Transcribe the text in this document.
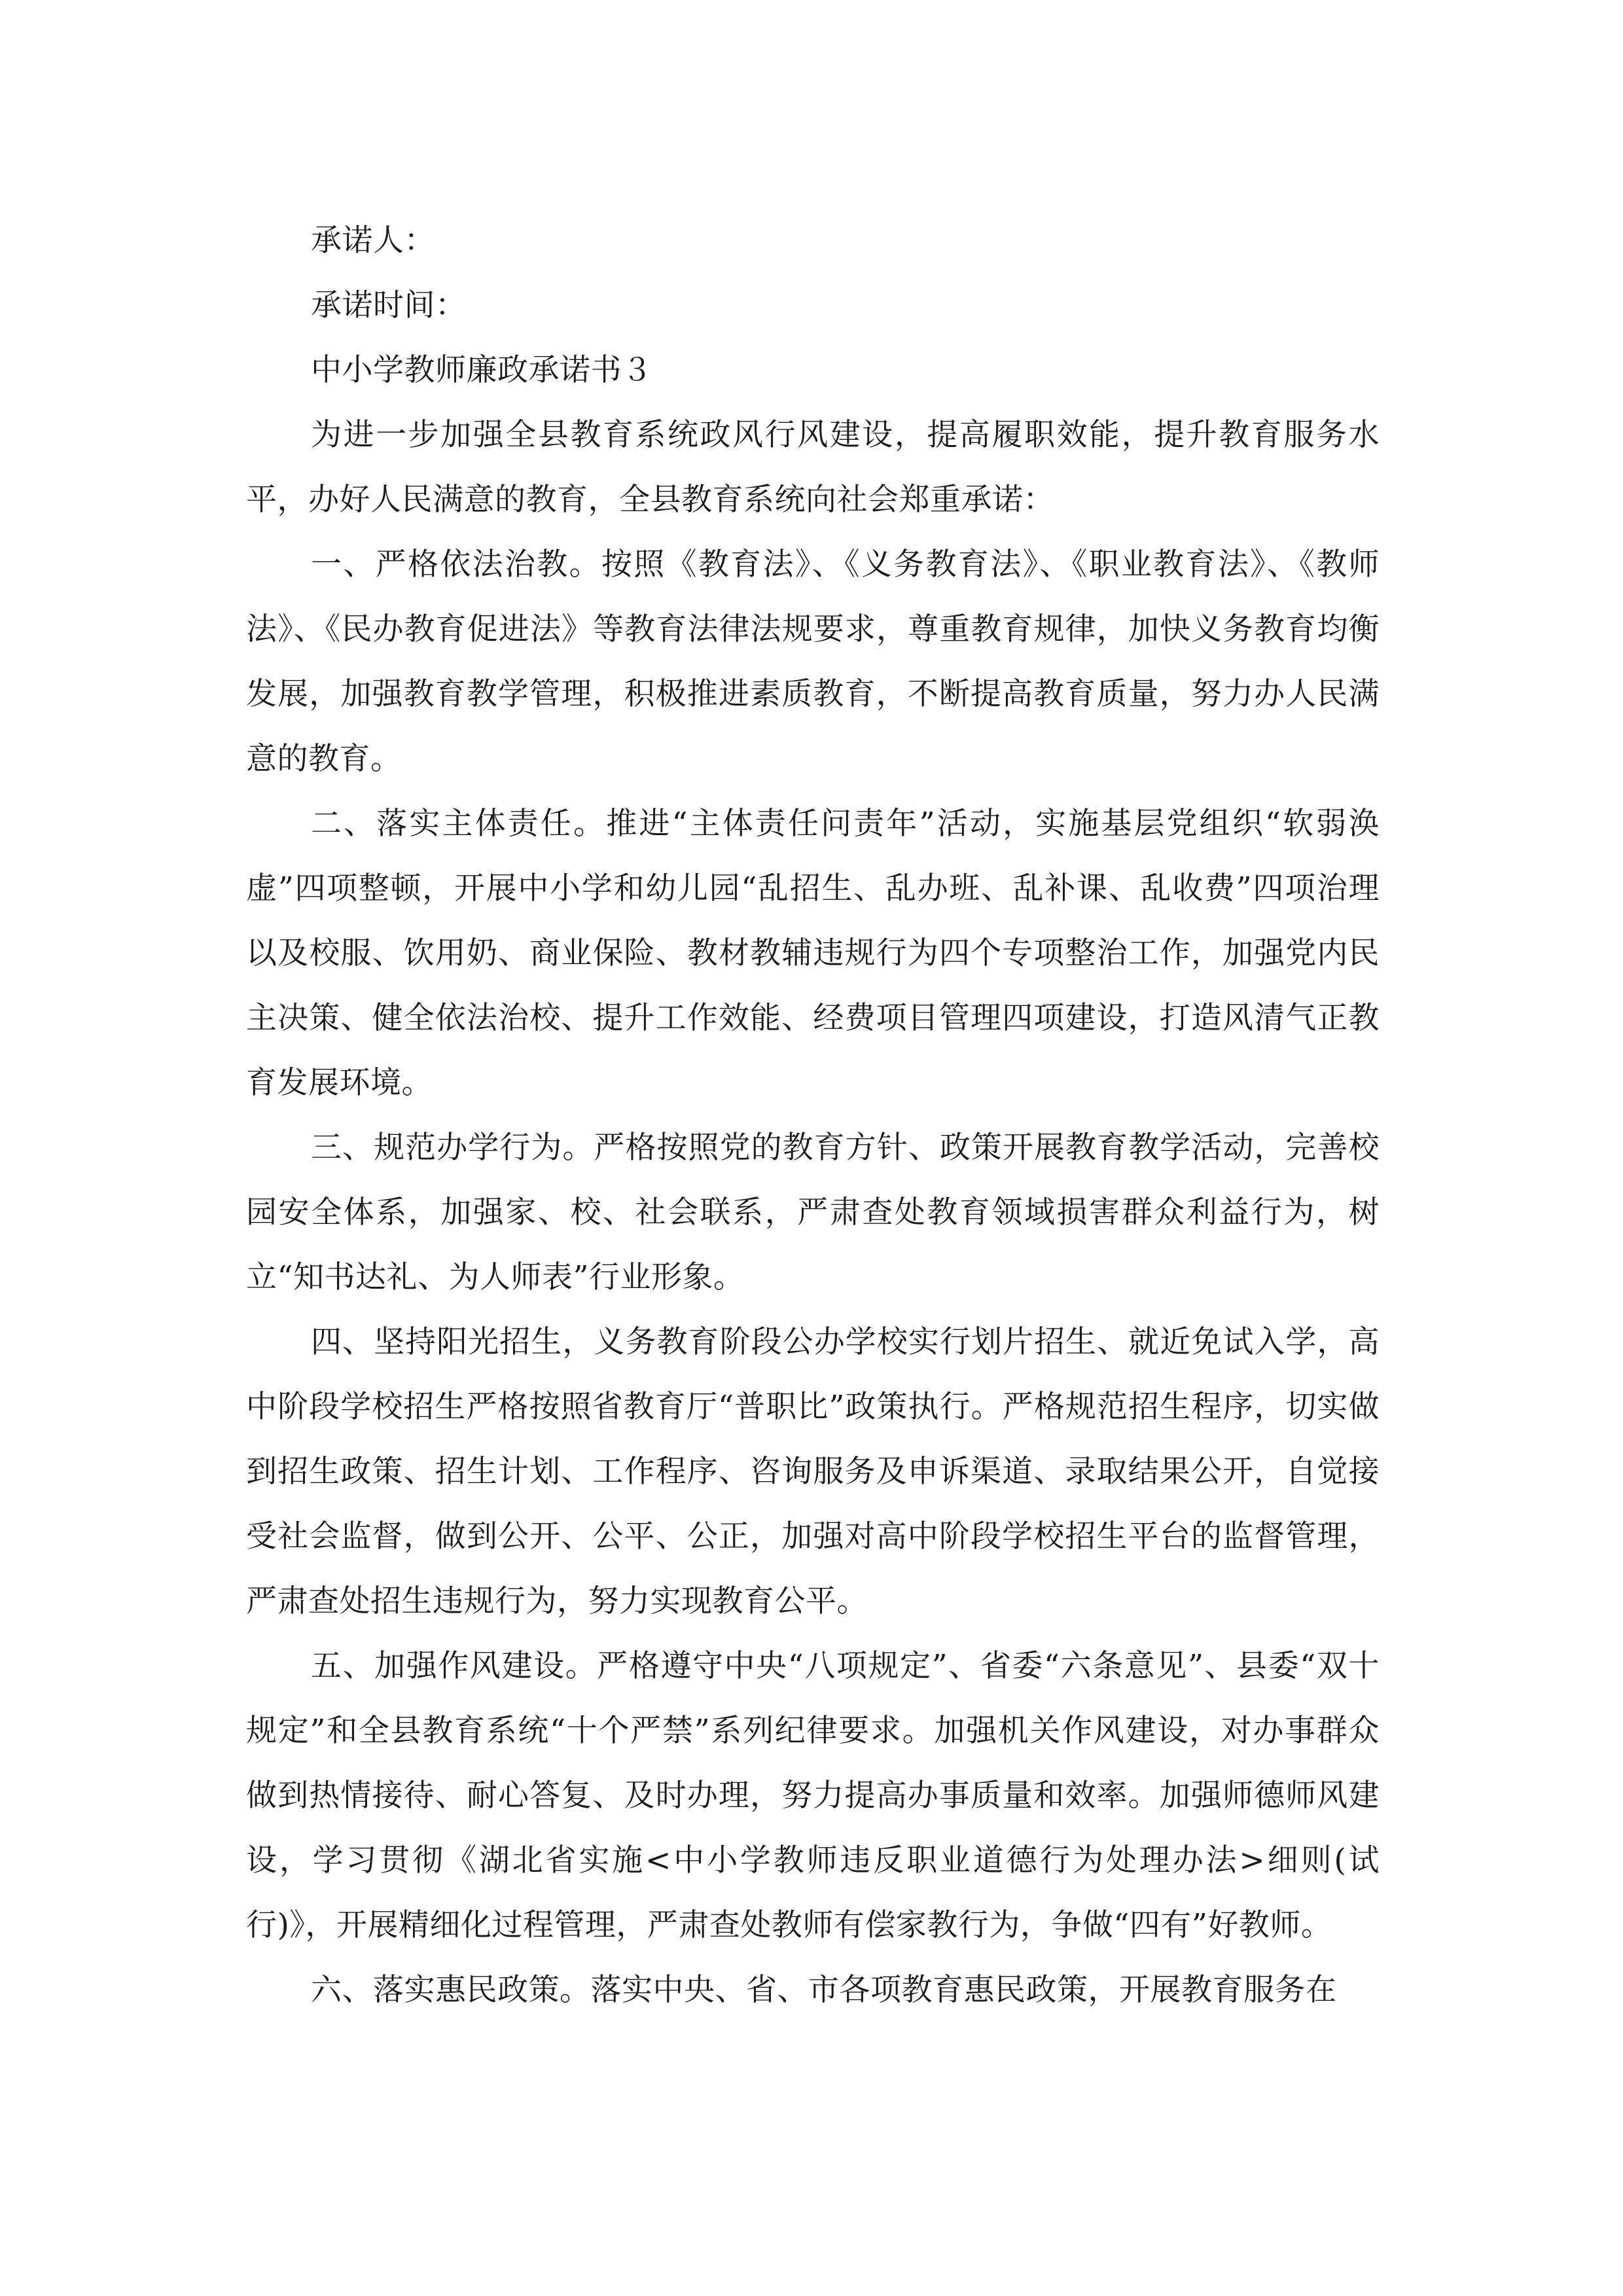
承诺人：

承诺时间：

中小学教师廉政承诺书３

为进一步加强全县教育系统政风行风建设，提高履职效能，提升教育服务水平，办好人民满意的教育，全县教育系统向社会郑重承诺：

一、严格依法治教。按照《教育法》、《义务教育法》、《职业教育法》、《教师法》、《民办教育促进法》等教育法律法规要求，尊重教育规律，加快义务教育均衡发展，加强教育教学管理，积极推进素质教育，不断提高教育质量，努力办人民满意的教育。

二、落实主体责任。推进“主体责任问责年”活动，实施基层党组织“软弱涣虚”四项整顿，开展中小学和幼儿园“乱招生、乱办班、乱补课、乱收费”四项治理以及校服、饮用奶、商业保险、教材教辅违规行为四个专项整治工作，加强党内民主决策、健全依法治校、提升工作效能、经费项目管理四项建设，打造风清气正教育发展环境。

三、规范办学行为。严格按照党的教育方针、政策开展教育教学活动，完善校园安全体系，加强家、校、社会联系，严肃查处教育领域损害群众利益行为，树立“知书达礼、为人师表”行业形象。

四、坚持阳光招生，义务教育阶段公办学校实行划片招生、就近免试入学，高中阶段学校招生严格按照省教育厅“普职比”政策执行。严格规范招生程序，切实做到招生政策、招生计划、工作程序、咨询服务及申诉渠道、录取结果公开，自觉接受社会监督，做到公开、公平、公正，加强对高中阶段学校招生平台的监督管理，严肃查处招生违规行为，努力实现教育公平。

五、加强作风建设。严格遵守中央“八项规定”、省委“六条意见”、县委“双十规定”和全县教育系统“十个严禁”系列纪律要求。加强机关作风建设，对办事群众做到热情接待、耐心答复、及时办理，努力提高办事质量和效率。加强师德师风建设，学习贯彻《湖北省实施<中小学教师违反职业道德行为处理办法>细则(试行)》，开展精细化过程管理，严肃查处教师有偿家教行为，争做“四有”好教师。

六、落实惠民政策。落实中央、省、市各项教育惠民政策，开展教育服务在
